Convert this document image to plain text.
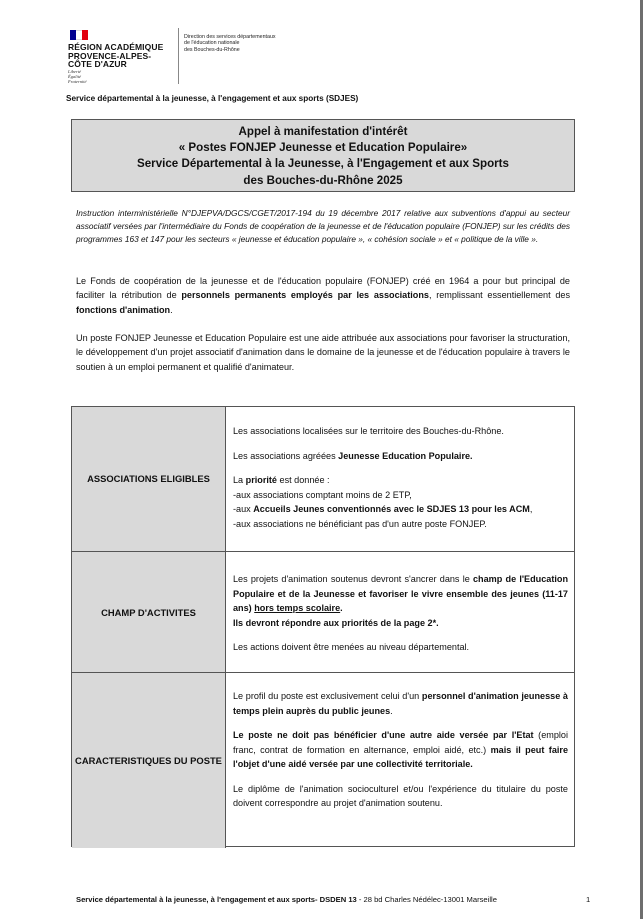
RÉGION ACADÉMIQUE
PROVENCE-ALPES-
CÔTE D'AZUR
Liberté
Égalité
Fraternité
Direction des services départementaux
de l'éducation nationale
des Bouches-du-Rhône
Service départemental à la jeunesse, à l'engagement et aux sports (SDJES)
Appel à manifestation d'intérêt
« Postes FONJEP Jeunesse et Education Populaire»
Service Départemental à la Jeunesse, à l'Engagement et aux Sports
des Bouches-du-Rhône 2025
Instruction interministérielle N°DJEPVA/DGCS/CGET/2017-194 du 19 décembre 2017 relative aux subventions d'appui au secteur associatif versées par l'intermédiaire du Fonds de coopération de la jeunesse et de l'éducation populaire (FONJEP) sur les crédits des programmes 163 et 147 pour les secteurs « jeunesse et éducation populaire », « cohésion sociale » et « politique de la ville ».
Le Fonds de coopération de la jeunesse et de l'éducation populaire (FONJEP) créé en 1964 a pour but principal de faciliter la rétribution de personnels permanents employés par les associations, remplissant essentiellement des fonctions d'animation.
Un poste FONJEP Jeunesse et Education Populaire est une aide attribuée aux associations pour favoriser la structuration, le développement d'un projet associatif d'animation dans le domaine de la jeunesse et de l'éducation populaire à travers le soutien à un emploi permanent et qualifié d'animateur.
ASSOCIATIONS ELIGIBLES

Les associations localisées sur le territoire des Bouches-du-Rhône.

Les associations agréées Jeunesse Education Populaire.

La priorité est donnée :

-aux associations comptant moins de 2 ETP,

-aux Accueils Jeunes conventionnés avec le SDJES 13 pour les ACM,

-aux associations ne bénéficiant pas d'un autre poste FONJEP.

CHAMP D'ACTIVITES

Les projets d'animation soutenus devront s'ancrer dans le champ de l'Education Populaire et de la Jeunesse et favoriser le vivre ensemble des jeunes (11-17 ans) hors temps scolaire.
Ils devront répondre aux priorités de la page 2*.

Les actions doivent être menées au niveau départemental.

CARACTERISTIQUES DU POSTE

Le profil du poste est exclusivement celui d'un personnel d'animation jeunesse à temps plein auprès du public jeunes.

Le poste ne doit pas bénéficier d'une autre aide versée par l'Etat (emploi franc, contrat de formation en alternance, emploi aidé, etc.) mais il peut faire l'objet d'une aidé versée par une collectivité territoriale.

Le diplôme de l'animation socioculturel et/ou l'expérience du titulaire du poste doivent correspondre au projet d'animation soutenu.

Service départemental à la jeunesse, à l'engagement et aux sports- DSDEN 13 - 28 bd Charles Nédélec-13001 Marseille	1
